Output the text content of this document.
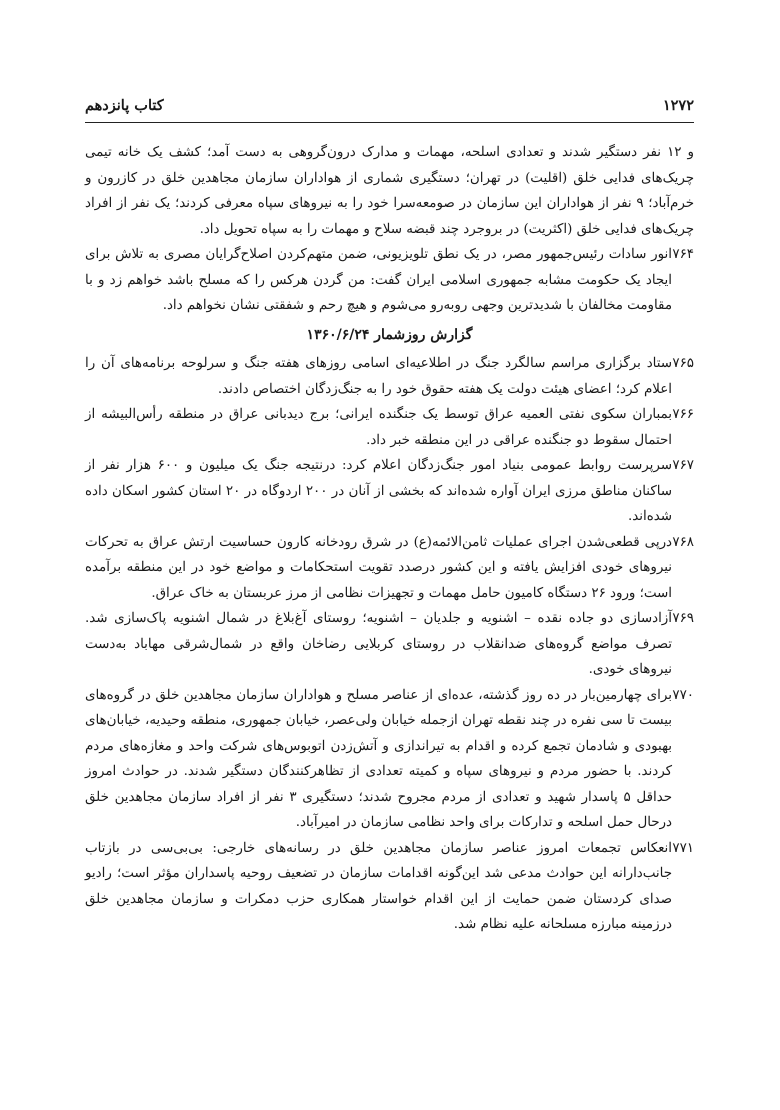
۱۲۷۲
کتاب پانزدهم

و ۱۲ نفر دستگیر شدند و تعدادی اسلحه، مهمات و مدارک درون‌گروهی به دست آمد؛ کشف یک خانه تیمی چریک‌های فدایی خلق (اقلیت) در تهران؛ دستگیری شماری از هواداران سازمان مجاهدین خلق در کازرون و خرم‌آباد؛ ۹ نفر از هواداران این سازمان در صومعه‌سرا خود را به نیروهای سپاه معرفی کردند؛ یک نفر از افراد چریک‌های فدایی خلق (اکثریت) در بروجرد چند قبضه سلاح و مهمات را به سپاه تحویل داد.

۷۶۴
انور سادات رئیس‌جمهور مصر، در یک نطق تلویزیونی، ضمن متهم‌کردن اصلاح‌گرایان مصری به تلاش برای ایجاد یک حکومت مشابه جمهوری اسلامی ایران گفت: من گردن هرکس را که مسلح باشد خواهم زد و با مقاومت مخالفان با شدیدترین وجهی روبه‌رو می‌شوم و هیچ رحم و شفقتی نشان نخواهم داد.
گزارش روزشمار ۱۳۶۰/۶/۲۴
۷۶۵
ستاد برگزاری مراسم سالگرد جنگ در اطلاعیه‌ای اسامی روزهای هفته جنگ و سرلوحه برنامه‌های آن را اعلام کرد؛ اعضای هیئت دولت یک هفته حقوق خود را به جنگ‌زدگان اختصاص دادند.
۷۶۶
بمباران سکوی نفتی العمیه عراق توسط یک جنگنده ایرانی؛ برج دیدبانی عراق در منطقه رأس‌البیشه از احتمال سقوط دو جنگنده عراقی در این منطقه خبر داد.
۷۶۷
سرپرست روابط عمومی بنیاد امور جنگ‌زدگان اعلام کرد: درنتیجه جنگ یک میلیون و ۶۰۰ هزار نفر از ساکنان مناطق مرزی ایران آواره شده‌اند که بخشی از آنان در ۲۰۰ اردوگاه در ۲۰ استان کشور اسکان داده شده‌اند.
۷۶۸
درپی قطعی‌شدن اجرای عملیات ثامن‌الائمه(ع) در شرق رودخانه کارون حساسیت ارتش عراق به تحرکات نیروهای خودی افزایش یافته و این کشور درصدد تقویت استحکامات و مواضع خود در این منطقه برآمده است؛ ورود ۲۶ دستگاه کامیون حامل مهمات و تجهیزات نظامی از مرز عربستان به خاک عراق.
۷۶۹
آزادسازی دو جاده نقده – اشنویه و جلدیان – اشنویه؛ روستای آغ‌بلاغ در شمال اشنویه پاک‌سازی شد. تصرف مواضع گروه‌های ضدانقلاب در روستای کربلایی رضاخان واقع در شمال‌شرقی مهاباد به‌دست نیروهای خودی.
۷۷۰
برای چهارمین‌بار در ده روز گذشته، عده‌ای از عناصر مسلح و هواداران سازمان مجاهدین خلق در گروه‌های بیست تا سی نفره در چند نقطه تهران ازجمله خیابان ولی‌عصر، خیابان جمهوری، منطقه وحیدیه، خیابان‌های بهبودی و شادمان تجمع کرده و اقدام به تیراندازی و آتش‌زدن اتوبوس‌های شرکت واحد و مغازه‌های مردم کردند. با حضور مردم و نیروهای سپاه و کمیته تعدادی از تظاهرکنندگان دستگیر شدند. در حوادث امروز حداقل ۵ پاسدار شهید و تعدادی از مردم مجروح شدند؛ دستگیری ۳ نفر از افراد سازمان مجاهدین خلق درحال حمل اسلحه و تدارکات برای واحد نظامی سازمان در امیرآباد.
۷۷۱
انعکاس تجمعات امروز عناصر سازمان مجاهدین خلق در رسانه‌های خارجی: بی‌بی‌سی در بازتاب جانب‌دارانه این حوادث مدعی شد این‌گونه اقدامات سازمان در تضعیف روحیه پاسداران مؤثر است؛ رادیو صدای کردستان ضمن حمایت از این اقدام خواستار همکاری حزب دمکرات و سازمان مجاهدین خلق درزمینه مبارزه مسلحانه علیه نظام شد.
